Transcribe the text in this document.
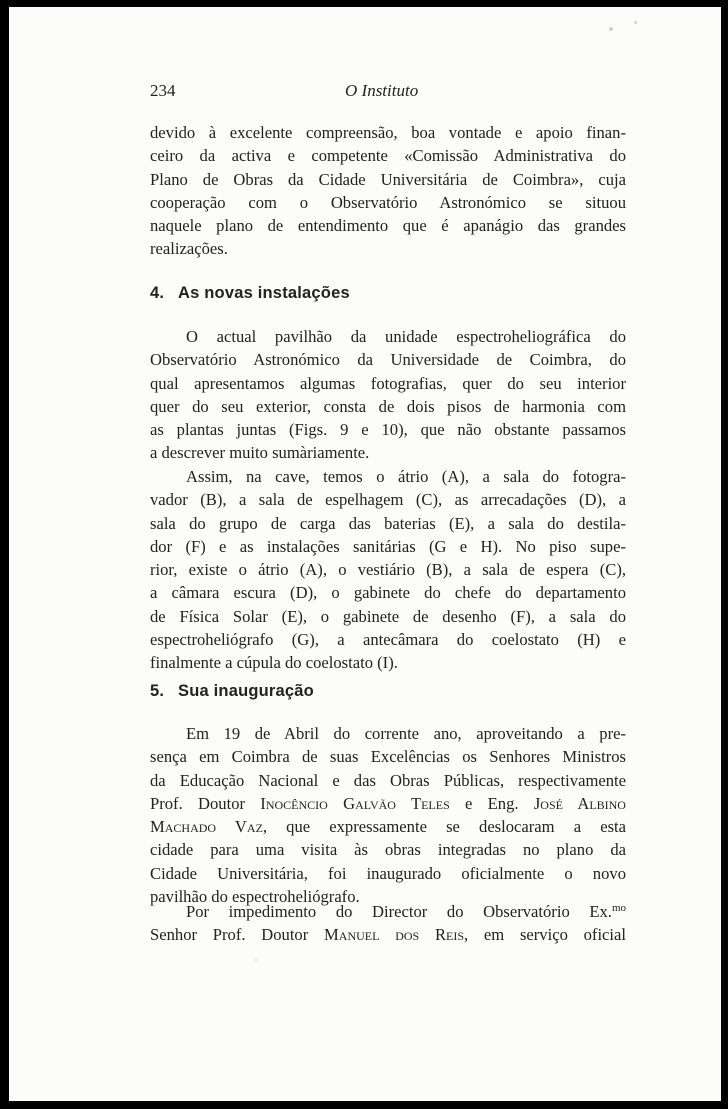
234	O Instituto
devido à excelente compreensão, boa vontade e apoio finan-
ceiro da activa e competente «Comissão Administrativa do
Plano de Obras da Cidade Universitária de Coimbra», cuja
cooperação com o Observatório Astronómico se situou
naquele plano de entendimento que é apanágio das grandes
realizações.
4. As novas instalações
O actual pavilhão da unidade espectroheliográfica do
Observatório Astronómico da Universidade de Coimbra, do
qual apresentamos algumas fotografias, quer do seu interior
quer do seu exterior, consta de dois pisos de harmonia com
as plantas juntas (Figs. 9 e 10), que não obstante passamos
a descrever muito sumàriamente.
Assim, na cave, temos o átrio (A), a sala do fotogra-
vador (B), a sala de espelhagem (C), as arrecadações (D), a
sala do grupo de carga das baterias (E), a sala do destila-
dor (F) e as instalações sanitárias (G e H). No piso supe-
rior, existe o átrio (A), o vestiário (B), a sala de espera (C),
a câmara escura (D), o gabinete do chefe do departamento
de Física Solar (E), o gabinete de desenho (F), a sala do
espectroheliógrafo (G), a antecâmara do coelostato (H) e
finalmente a cúpula do coelostato (I).
5. Sua inauguração
Em 19 de Abril do corrente ano, aproveitando a pre-
sença em Coimbra de suas Excelências os Senhores Ministros
da Educação Nacional e das Obras Públicas, respectivamente
Prof. Doutor Inocêncio Galvão Teles e Eng. José Albino
Machado Vaz, que expressamente se deslocaram a esta
cidade para uma visita às obras integradas no plano da
Cidade Universitária, foi inaugurado oficialmente o novo
pavilhão do espectroheliógrafo.
Por impedimento do Director do Observatório Ex.$^{mo}$
Senhor Prof. Doutor Manuel dos Reis, em serviço oficial
